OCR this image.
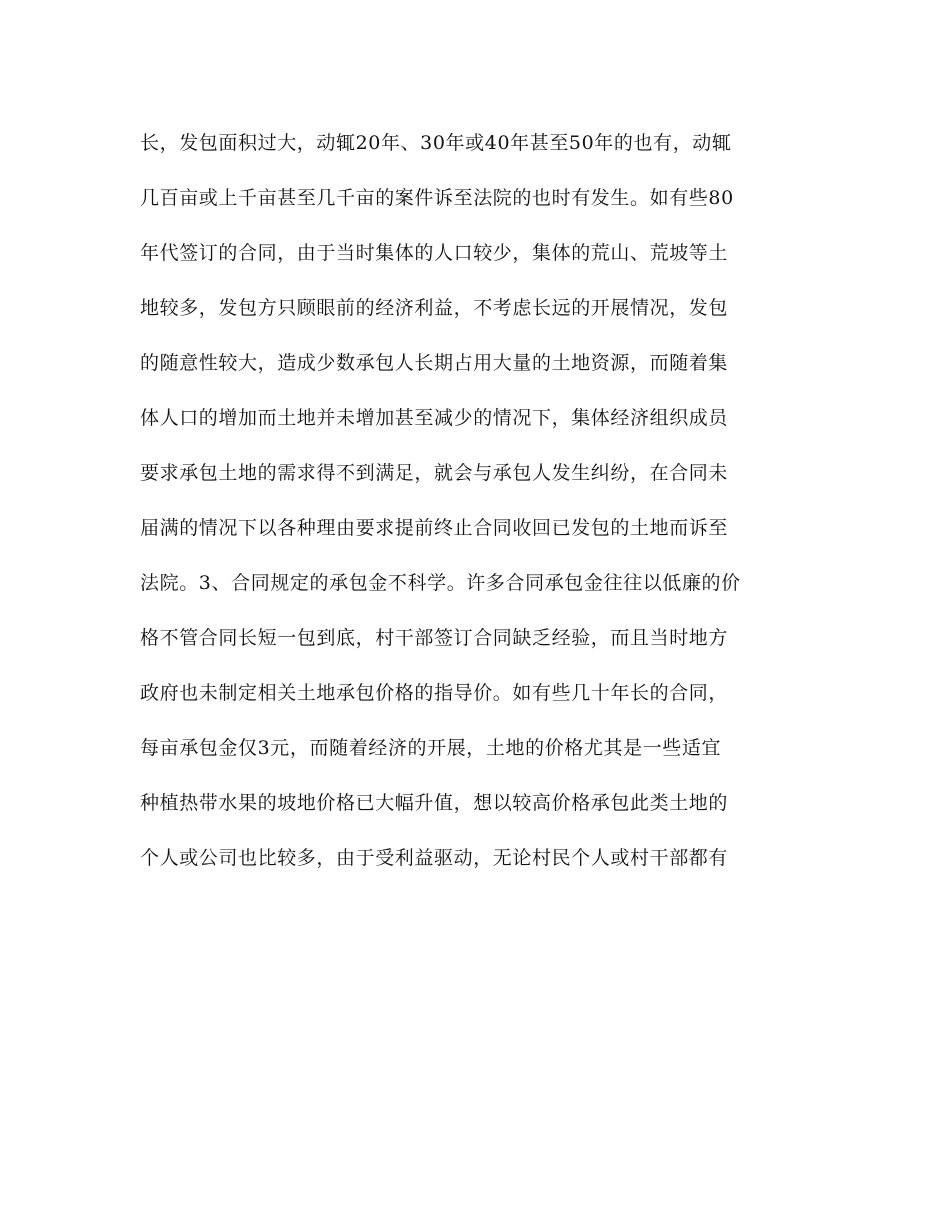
长，发包面积过大，动辄20年、30年或40年甚至50年的也有，动辄
几百亩或上千亩甚至几千亩的案件诉至法院的也时有发生。如有些80
年代签订的合同，由于当时集体的人口较少，集体的荒山、荒坡等土
地较多，发包方只顾眼前的经济利益，不考虑长远的开展情况，发包
的随意性较大，造成少数承包人长期占用大量的土地资源，而随着集
体人口的增加而土地并未增加甚至减少的情况下，集体经济组织成员
要求承包土地的需求得不到满足，就会与承包人发生纠纷，在合同未
届满的情况下以各种理由要求提前终止合同收回已发包的土地而诉至
法院。3、合同规定的承包金不科学。许多合同承包金往往以低廉的价
格不管合同长短一包到底，村干部签订合同缺乏经验，而且当时地方
政府也未制定相关土地承包价格的指导价。如有些几十年长的合同，
每亩承包金仅3元，而随着经济的开展，土地的价格尤其是一些适宜
种植热带水果的坡地价格已大幅升值，想以较高价格承包此类土地的
个人或公司也比较多，由于受利益驱动，无论村民个人或村干部都有
